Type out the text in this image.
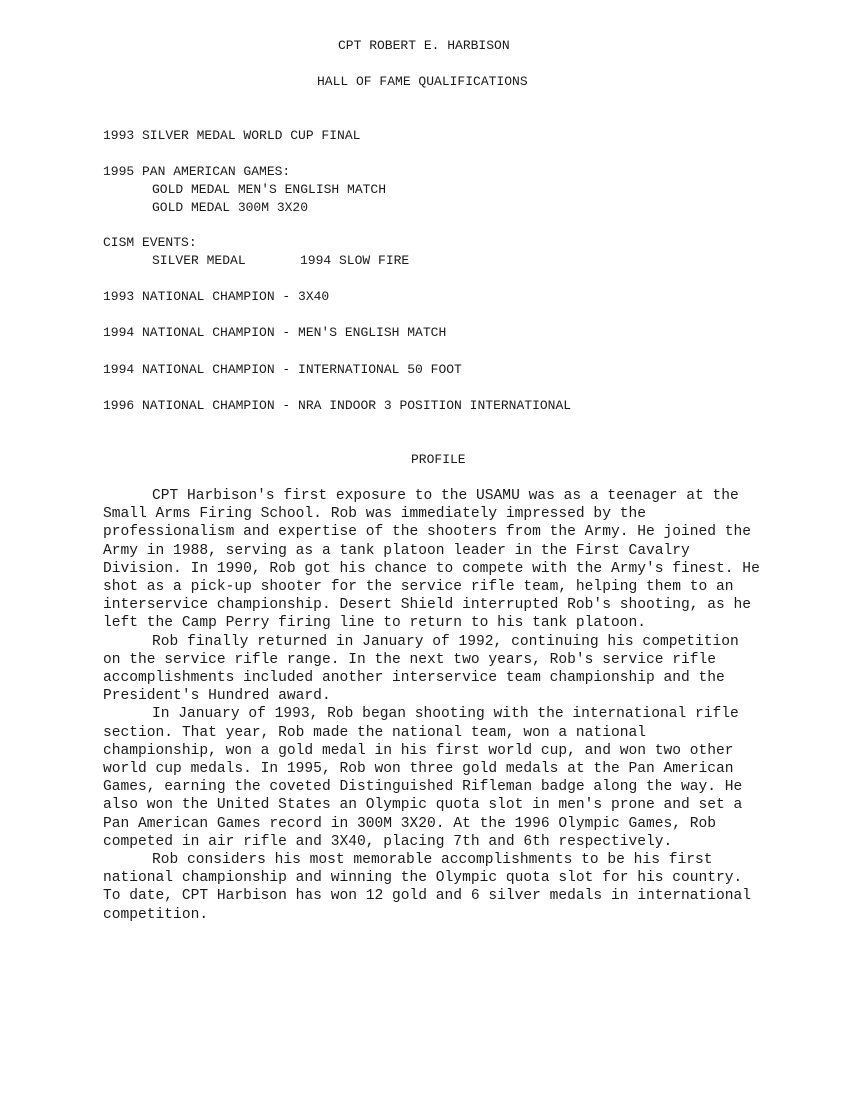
CPT ROBERT E. HARBISON
HALL OF FAME QUALIFICATIONS
1993 SILVER MEDAL WORLD CUP FINAL
1995 PAN AMERICAN GAMES:
GOLD MEDAL MEN'S ENGLISH MATCH
GOLD MEDAL 300M 3X20
CISM EVENTS:
SILVER MEDAL	1994 SLOW FIRE
1993 NATIONAL CHAMPION - 3X40
1994 NATIONAL CHAMPION - MEN'S ENGLISH MATCH
1994 NATIONAL CHAMPION - INTERNATIONAL 50 FOOT
1996 NATIONAL CHAMPION - NRA INDOOR 3 POSITION INTERNATIONAL
PROFILE

CPT Harbison's first exposure to the USAMU was as a teenager at the Small Arms Firing School. Rob was immediately impressed by the professionalism and expertise of the shooters from the Army. He joined the Army in 1988, serving as a tank platoon leader in the First Cavalry Division. In 1990, Rob got his chance to compete with the Army's finest. He shot as a pick-up shooter for the service rifle team, helping them to an interservice championship. Desert Shield interrupted Rob's shooting, as he left the Camp Perry firing line to return to his tank platoon.

Rob finally returned in January of 1992, continuing his competition on the service rifle range. In the next two years, Rob's service rifle accomplishments included another interservice team championship and the President's Hundred award.

In January of 1993, Rob began shooting with the international rifle section. That year, Rob made the national team, won a national championship, won a gold medal in his first world cup, and won two other world cup medals. In 1995, Rob won three gold medals at the Pan American Games, earning the coveted Distinguished Rifleman badge along the way. He also won the United States an Olympic quota slot in men's prone and set a Pan American Games record in 300M 3X20. At the 1996 Olympic Games, Rob competed in air rifle and 3X40, placing 7th and 6th respectively.

Rob considers his most memorable accomplishments to be his first national championship and winning the Olympic quota slot for his country. To date, CPT Harbison has won 12 gold and 6 silver medals in international competition.
